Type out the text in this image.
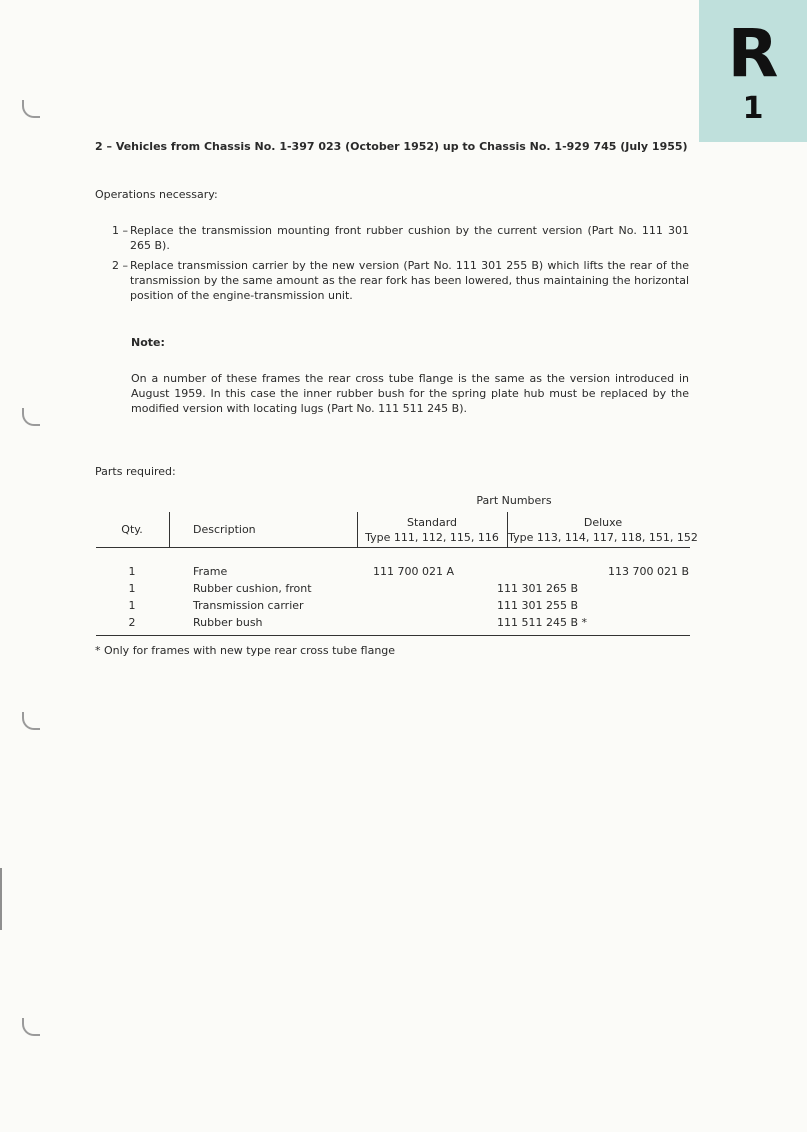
R
1

2 – Vehicles from Chassis No. 1-397 023 (October 1952) up to Chassis No. 1-929 745 (July 1955)

Operations necessary:

1 – Replace the transmission mounting front rubber cushion by the current version (Part No. 111 301 265 B).
2 – Replace transmission carrier by the new version (Part No. 111 301 255 B) which lifts the rear of the transmission by the same amount as the rear fork has been lowered, thus maintaining the horizontal position of the engine-transmission unit.

Note:

On a number of these frames the rear cross tube flange is the same as the version introduced in August 1959. In this case the inner rubber bush for the spring plate hub must be replaced by the modified version with locating lugs (Part No. 111 511 245 B).

Parts required:

Part Numbers
Qty.	Description
Standard
Type 111, 112, 115, 116
Deluxe
Type 113, 114, 117, 118, 151, 152
1	Frame	111 700 021 A	113 700 021 B
1	Rubber cushion, front	111 301 265 B
1	Transmission carrier	111 301 255 B
2	Rubber bush	111 511 245 B *

* Only for frames with new type rear cross tube flange
